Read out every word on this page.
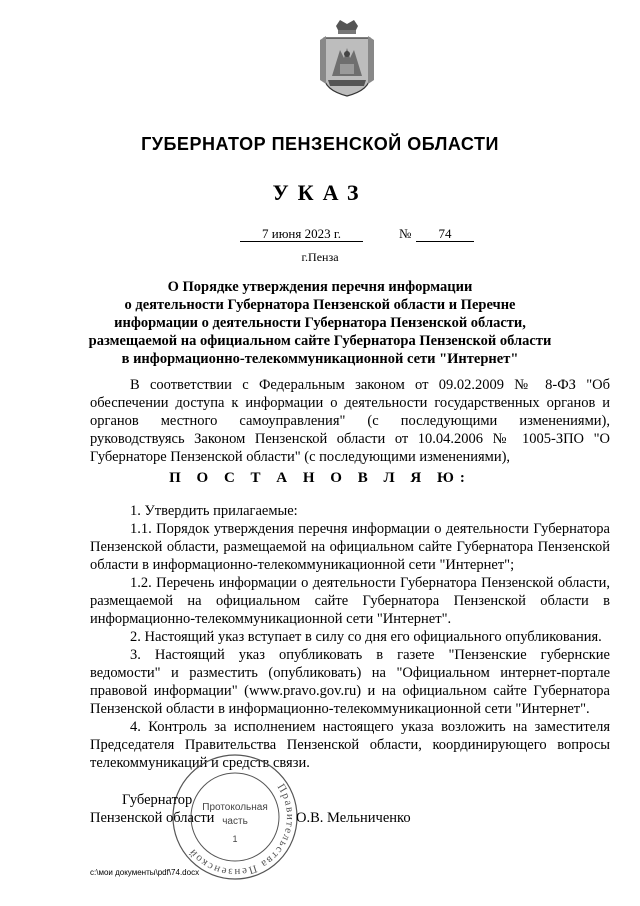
ГУБЕРНАТОР ПЕНЗЕНСКОЙ ОБЛАСТИ
УКАЗ
7 июня 2023 г.	№	74
г.Пенза
О Порядке утверждения перечня информации
о деятельности Губернатора Пензенской области и Перечне
информации о деятельности Губернатора Пензенской области,
размещаемой на официальном сайте Губернатора Пензенской области
в информационно-телекоммуникационной сети "Интернет"
В соответствии с Федеральным законом от 09.02.2009 № 8-ФЗ "Об обеспечении доступа к информации о деятельности государственных органов и органов местного самоуправления" (с последующими изменениями), руководствуясь Законом Пензенской области от 10.04.2006 № 1005-ЗПО "О Губернаторе Пензенской области" (с последующими изменениями),
П О С Т А Н О В Л Я Ю:
1. Утвердить прилагаемые:
1.1. Порядок утверждения перечня информации о деятельности Губернатора Пензенской области, размещаемой на официальном сайте Губернатора Пензенской области в информационно-телекоммуникационной сети "Интернет";
1.2. Перечень информации о деятельности Губернатора Пензенской области, размещаемой на официальном сайте Губернатора Пензенской области в информационно-телекоммуникационной сети "Интернет".
2. Настоящий указ вступает в силу со дня его официального опубликования.
3. Настоящий указ опубликовать в газете "Пензенские губернские ведомости" и разместить (опубликовать) на "Официальном интернет-портале правовой информации" (www.pravo.gov.ru) и на официальном сайте Губернатора Пензенской области в информационно-телекоммуникационной сети "Интернет".
4. Контроль за исполнением настоящего указа возложить на заместителя Председателя Правительства Пензенской области, координирующего вопросы телекоммуникаций и средств связи.
Правительства Пензенской
Протокольная
часть
1
Губернатор
Пензенской области	О.В. Мельниченко
c:\мои документы\pdf\74.docx
